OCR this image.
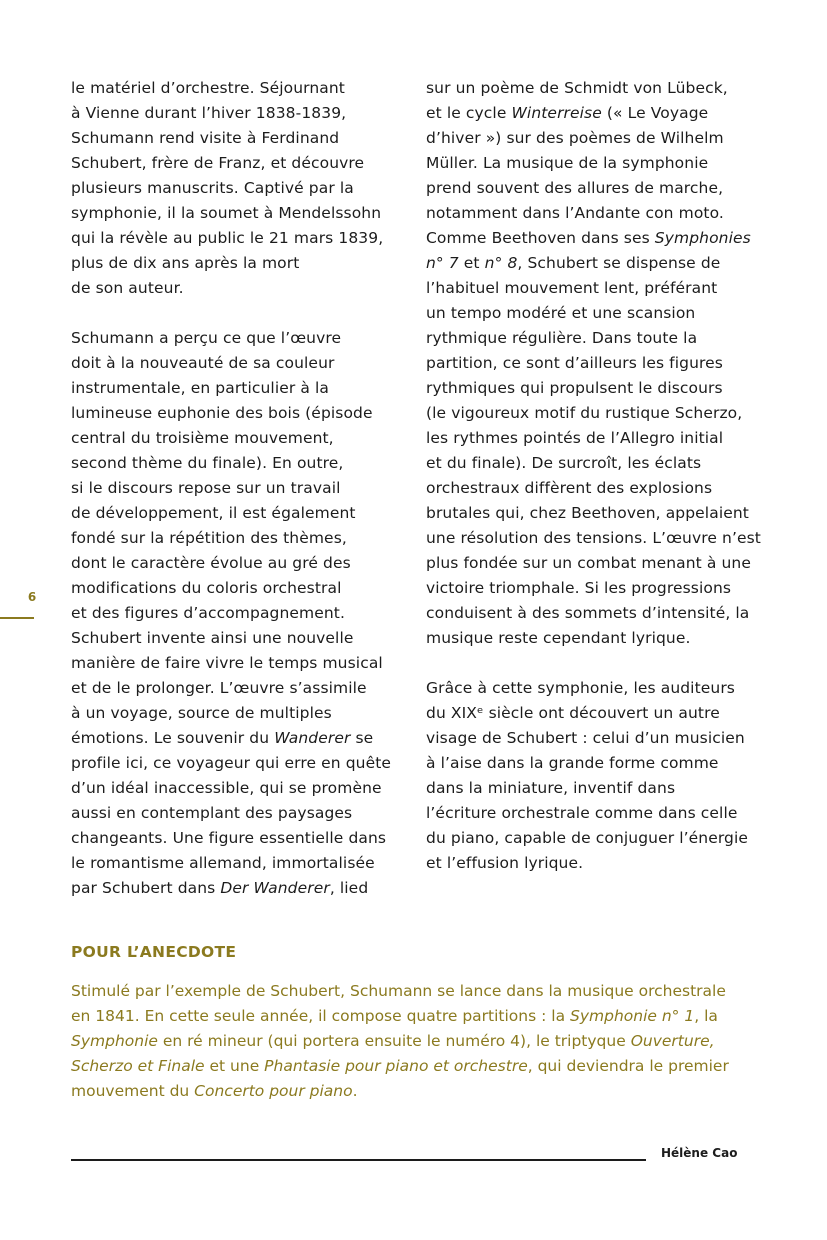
le matériel d’orchestre. Séjournant
à Vienne durant l’hiver 1838-1839,
Schumann rend visite à Ferdinand
Schubert, frère de Franz, et découvre
plusieurs manuscrits. Captivé par la
symphonie, il la soumet à Mendelssohn
qui la révèle au public le 21 mars 1839,
plus de dix ans après la mort
de son auteur.
Schumann a perçu ce que l’œuvre
doit à la nouveauté de sa couleur
instrumentale, en particulier à la
lumineuse euphonie des bois (épisode
central du troisième mouvement,
second thème du finale). En outre,
si le discours repose sur un travail
de développement, il est également
fondé sur la répétition des thèmes,
dont le caractère évolue au gré des
modifications du coloris orchestral
et des figures d’accompagnement.
Schubert invente ainsi une nouvelle
manière de faire vivre le temps musical
et de le prolonger. L’œuvre s’assimile
à un voyage, source de multiples
émotions. Le souvenir du Wanderer se
profile ici, ce voyageur qui erre en quête
d’un idéal inaccessible, qui se promène
aussi en contemplant des paysages
changeants. Une figure essentielle dans
le romantisme allemand, immortalisée
par Schubert dans Der Wanderer, lied
sur un poème de Schmidt von Lübeck,
et le cycle Winterreise (« Le Voyage
d’hiver ») sur des poèmes de Wilhelm
Müller. La musique de la symphonie
prend souvent des allures de marche,
notamment dans l’Andante con moto.
Comme Beethoven dans ses Symphonies
n° 7 et n° 8, Schubert se dispense de
l’habituel mouvement lent, préférant
un tempo modéré et une scansion
rythmique régulière. Dans toute la
partition, ce sont d’ailleurs les figures
rythmiques qui propulsent le discours
(le vigoureux motif du rustique Scherzo,
les rythmes pointés de l’Allegro initial
et du finale). De surcroît, les éclats
orchestraux diffèrent des explosions
brutales qui, chez Beethoven, appelaient
une résolution des tensions. L’œuvre n’est
plus fondée sur un combat menant à une
victoire triomphale. Si les progressions
conduisent à des sommets d’intensité, la
musique reste cependant lyrique.
Grâce à cette symphonie, les auditeurs
du XIXᵉ siècle ont découvert un autre
visage de Schubert : celui d’un musicien
à l’aise dans la grande forme comme
dans la miniature, inventif dans
l’écriture orchestrale comme dans celle
du piano, capable de conjuguer l’énergie
et l’effusion lyrique.
6
POUR L’ANECDOTE
Stimulé par l’exemple de Schubert, Schumann se lance dans la musique orchestrale
en 1841. En cette seule année, il compose quatre partitions : la Symphonie n° 1, la
Symphonie en ré mineur (qui portera ensuite le numéro 4), le triptyque Ouverture,
Scherzo et Finale et une Phantasie pour piano et orchestre, qui deviendra le premier
mouvement du Concerto pour piano.
Hélène Cao
